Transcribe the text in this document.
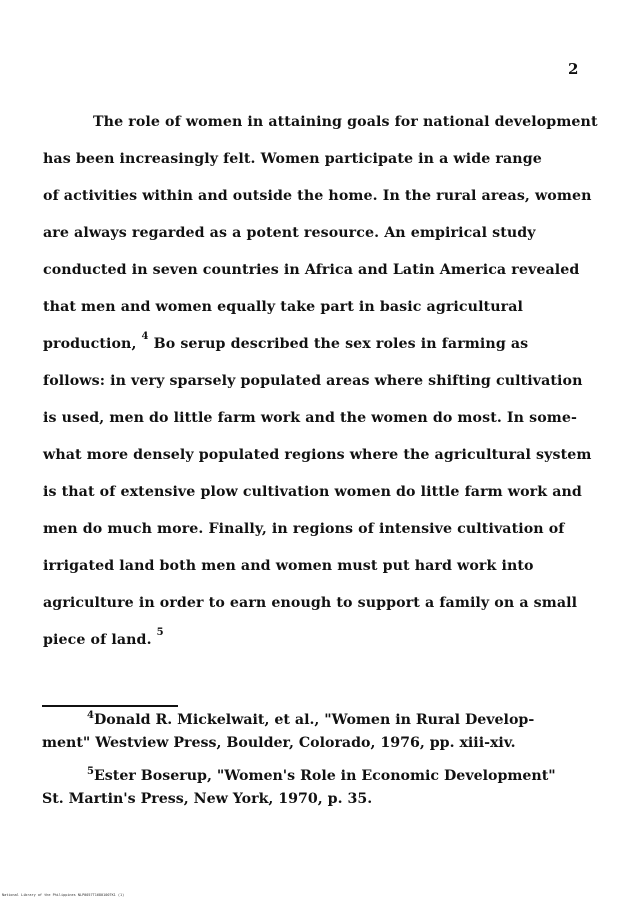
2
The role of women in attaining goals for national development
has been increasingly felt. Women participate in a wide range
of activities within and outside the home. In the rural areas, women
are always regarded as a potent resource. An empirical study
conducted in seven countries in Africa and Latin America revealed
that men and women equally take part in basic agricultural
production, $^4$ Bo serup described the sex roles in farming as
follows: in very sparsely populated areas where shifting cultivation
is used, men do little farm work and the women do most. In some-
what more densely populated regions where the agricultural system
is that of extensive plow cultivation women do little farm work and
men do much more. Finally, in regions of intensive cultivation of
irrigated land both men and women must put hard work into
agriculture in order to earn enough to support a family on a small
piece of land. $^5$
$^4$Donald R. Mickelwait, et al., "Women in Rural Develop-
ment" Westview Press, Boulder, Colorado, 1976, pp. xiii-xiv.
$^5$Ester Boserup, "Women's Role in Economic Development"
St. Martin's Press, New York, 1970, p. 35.
National Library of the Philippines NLP0057T1680100TK1 (1)
